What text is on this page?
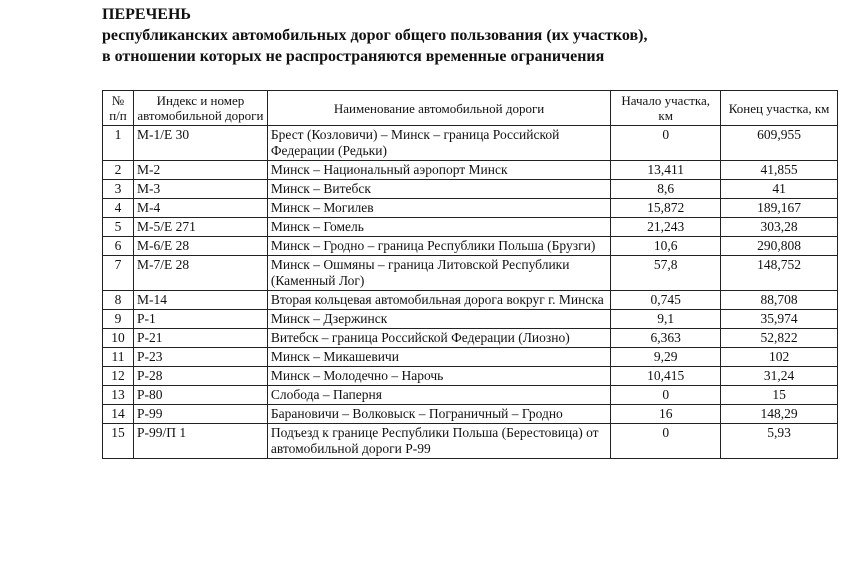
ПЕРЕЧЕНЬ
республиканских автомобильных дорог общего пользования (их участков),
в отношении которых не распространяются временные ограничения
№ п/п	Индекс и номер автомобильной дороги	Наименование автомобильной дороги	Начало участка, км	Конец участка, км
1	М-1/Е 30	Брест (Козловичи) – Минск – граница Российской Федерации (Редьки)	0	609,955
2	М-2	Минск – Национальный аэропорт Минск	13,411	41,855
3	М-3	Минск – Витебск	8,6	41
4	М-4	Минск – Могилев	15,872	189,167
5	М-5/Е 271	Минск – Гомель	21,243	303,28
6	М-6/Е 28	Минск – Гродно – граница Республики Польша (Брузги)	10,6	290,808
7	М-7/Е 28	Минск – Ошмяны – граница Литовской Республики (Каменный Лог)	57,8	148,752
8	М-14	Вторая кольцевая автомобильная дорога вокруг г. Минска	0,745	88,708
9	Р-1	Минск – Дзержинск	9,1	35,974
10	Р-21	Витебск – граница Российской Федерации (Лиозно)	6,363	52,822
11	Р-23	Минск – Микашевичи	9,29	102
12	Р-28	Минск – Молодечно – Нарочь	10,415	31,24
13	Р-80	Слобода – Паперня	0	15
14	Р-99	Барановичи – Волковыск – Пограничный – Гродно	16	148,29
15	Р-99/П 1	Подъезд к границе Республики Польша (Берестовица) от автомобильной дороги Р-99	0	5,93
